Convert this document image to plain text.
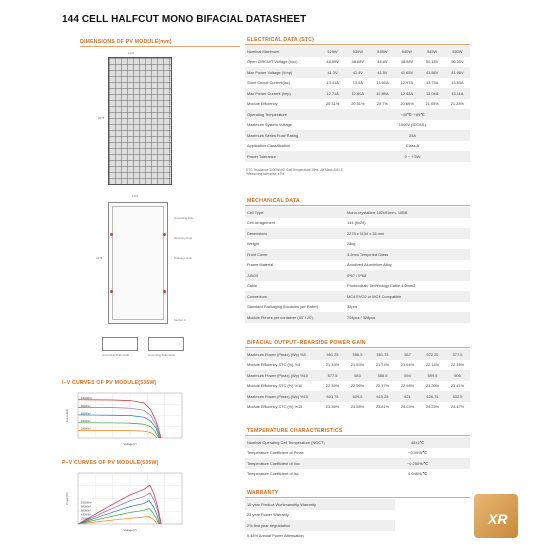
144 CELL HALFCUT MONO BIFACIAL DATASHEET
DIMENSIONS OF PV MODULE(mm)
1134
2278
1134
2278
Grounding Hole
Mounting Hole
Drainage Hole
Section A
Grounding/Drain Hole	Grounding/Drain Hole
I–V CURVES OF PV MODULE(535W)
1000W/m²
800W/m²
600W/m²
400W/m²
200W/m²
Voltage(V)
Current(A)
P–V CURVES OF PV MODULE(535W)
1000W/m²
800W/m²
600W/m²
400W/m²
200W/m²
Voltage(V)
Power(W)
ELECTRICAL DATA (STC)
Nominal Maximum	525W	530W	535W	540W	545W	550W
Open CIRCUIT Voltage (Voc)	48.59V	48.68V	48.8V	48.98V	50.18V	50.35V
Max Power Voltage (Vmp)	41.3V	41.4V	41.5V	41.65V	41.88V	41.98V
Short Circuit Current(Isc)	13.41A	13.5A	13.60A	12.97A	13.75A	13.83A
Max Power Current (Imp)	12.71A	12.80A	12.89A	12.68A	13.04A	13.11A
Module Efficiency	20.31%	20.51%	20.7%	20.89%	21.09%	21.28%
Operating Temperature	−40℃~+85℃
Maximum System Voltage	1500V (IEC/UL)
Maximum Series Fuse Rating	25A
Application Classification	Class A
Power Tolerance	0 ~ + 5W
STC: Irradiance 1000W/m2, Cell Temperature 25℃, Air Mass AM1.5
*Measuring tolerance: ±3%
MECHANICAL DATA
Cell Type	Mono-crystalline 182x91mm, 10BB
Cell Arragement	144 (6x24)
Dimensions	2278 x 1134 x 35 mm
Weight	28kg
Front Cover	3.2mm Tempered Glass
Frame Material	Anodized Aluminium Alloy
J-BOX	IP67 / IP68
Cable	Photovoltaic Technology Cable 4.0mm2
Connectors	MC4 EVO2 or MC4 Compatible
Standard Packaging (Modules per Pallet)	32pcs
Module Pieces per container (40' / 20')	704pcs / 328pcs
BIFACIAL OUTPUT–REARSIDE POWER GAIN
Maximum Power (Pmax) (Wp) %5	551.25	556.5	561.75	567	572.25	577.5
Module Efficiency STC (%) %5	21.33%	21.53%	21.74%	21.94%	22.14%	22.35%
Maximum Power (Pmax) (Wp) %10	577.5	583	588.5	594	599.5	605
Module Efficiency STC (%) %10	22.35%	22.56%	22.77%	22.98%	23.20%	23.41%
Maximum Power (Pmax) (Wp) %15	603.75	609.5	615.25	621	626.75	632.5
Module Efficiency STC (%) %15	23.36%	23.58%	23.81%	24.03%	24.25%	24.47%
TEMPERATURE CHARACTERISTICS
Nominal Operating Cell Temperature (NOCT)	45±2℃
Temperature Coefficient of Pmax	−0.39%/℃
Temperature Coefficient of Voc	−0.250%/℃
Temperature Coefficient of Isc	0.046%/℃
WARRANTY
10 year Product Workmanship Warranty
25 year Power Warranty
2% first year degradation
0.45% Annual Power Attenuation
XR
